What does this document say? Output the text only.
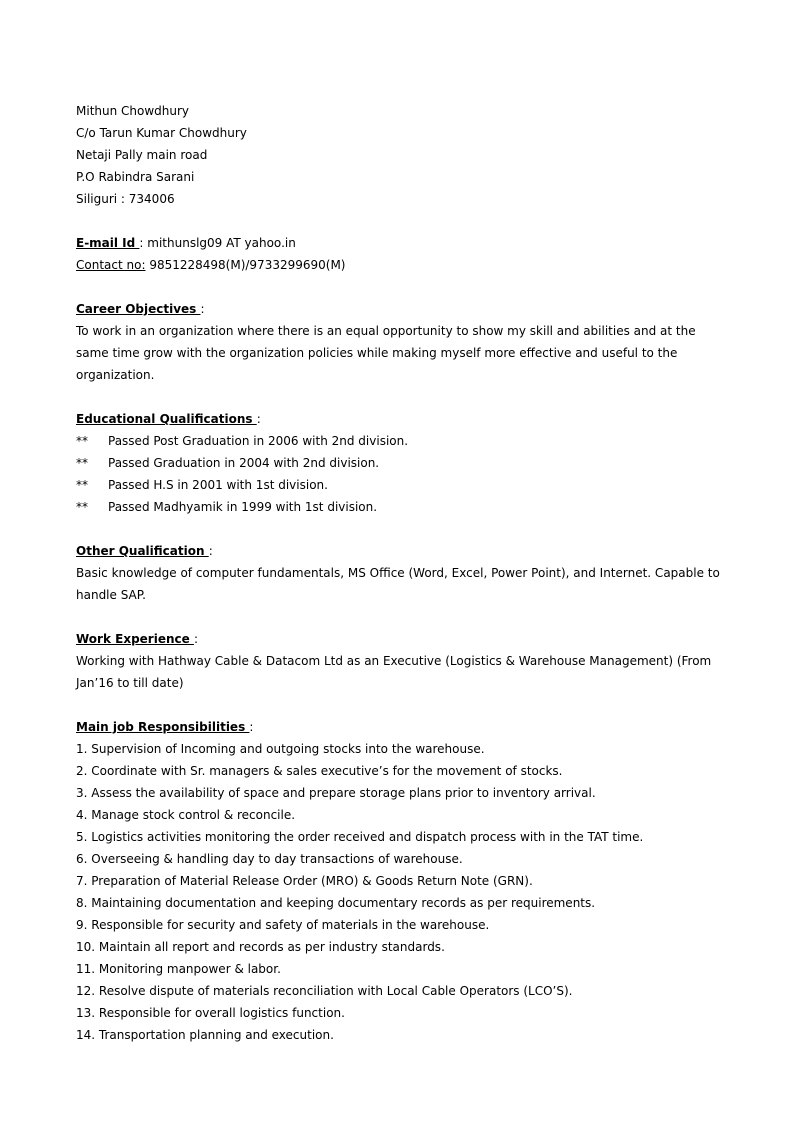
Mithun Chowdhury
C/o Tarun Kumar Chowdhury
Netaji Pally main road
P.O Rabindra Sarani
Siliguri : 734006
E-mail Id : mithunslg09 AT yahoo.in
Contact no: 9851228498(M)/9733299690(M)
Career Objectives :
To work in an organization where there is an equal opportunity to show my skill and abilities and at the same time grow with the organization policies while making myself more effective and useful to the organization.
Educational Qualifications :
** Passed Post Graduation in 2006 with 2nd division.
** Passed Graduation in 2004 with 2nd division.
** Passed H.S in 2001 with 1st division.
** Passed Madhyamik in 1999 with 1st division.
Other Qualification :
Basic knowledge of computer fundamentals, MS Office (Word, Excel, Power Point), and Internet. Capable to handle SAP.
Work Experience :
Working with Hathway Cable & Datacom Ltd as an Executive (Logistics & Warehouse Management) (From Jan’16 to till date)
Main job Responsibilities :
1. Supervision of Incoming and outgoing stocks into the warehouse.
2. Coordinate with Sr. managers & sales executive’s for the movement of stocks.
3. Assess the availability of space and prepare storage plans prior to inventory arrival.
4. Manage stock control & reconcile.
5. Logistics activities monitoring the order received and dispatch process with in the TAT time.
6. Overseeing & handling day to day transactions of warehouse.
7. Preparation of Material Release Order (MRO) & Goods Return Note (GRN).
8. Maintaining documentation and keeping documentary records as per requirements.
9. Responsible for security and safety of materials in the warehouse.
10. Maintain all report and records as per industry standards.
11. Monitoring manpower & labor.
12. Resolve dispute of materials reconciliation with Local Cable Operators (LCO’S).
13. Responsible for overall logistics function.
14. Transportation planning and execution.
